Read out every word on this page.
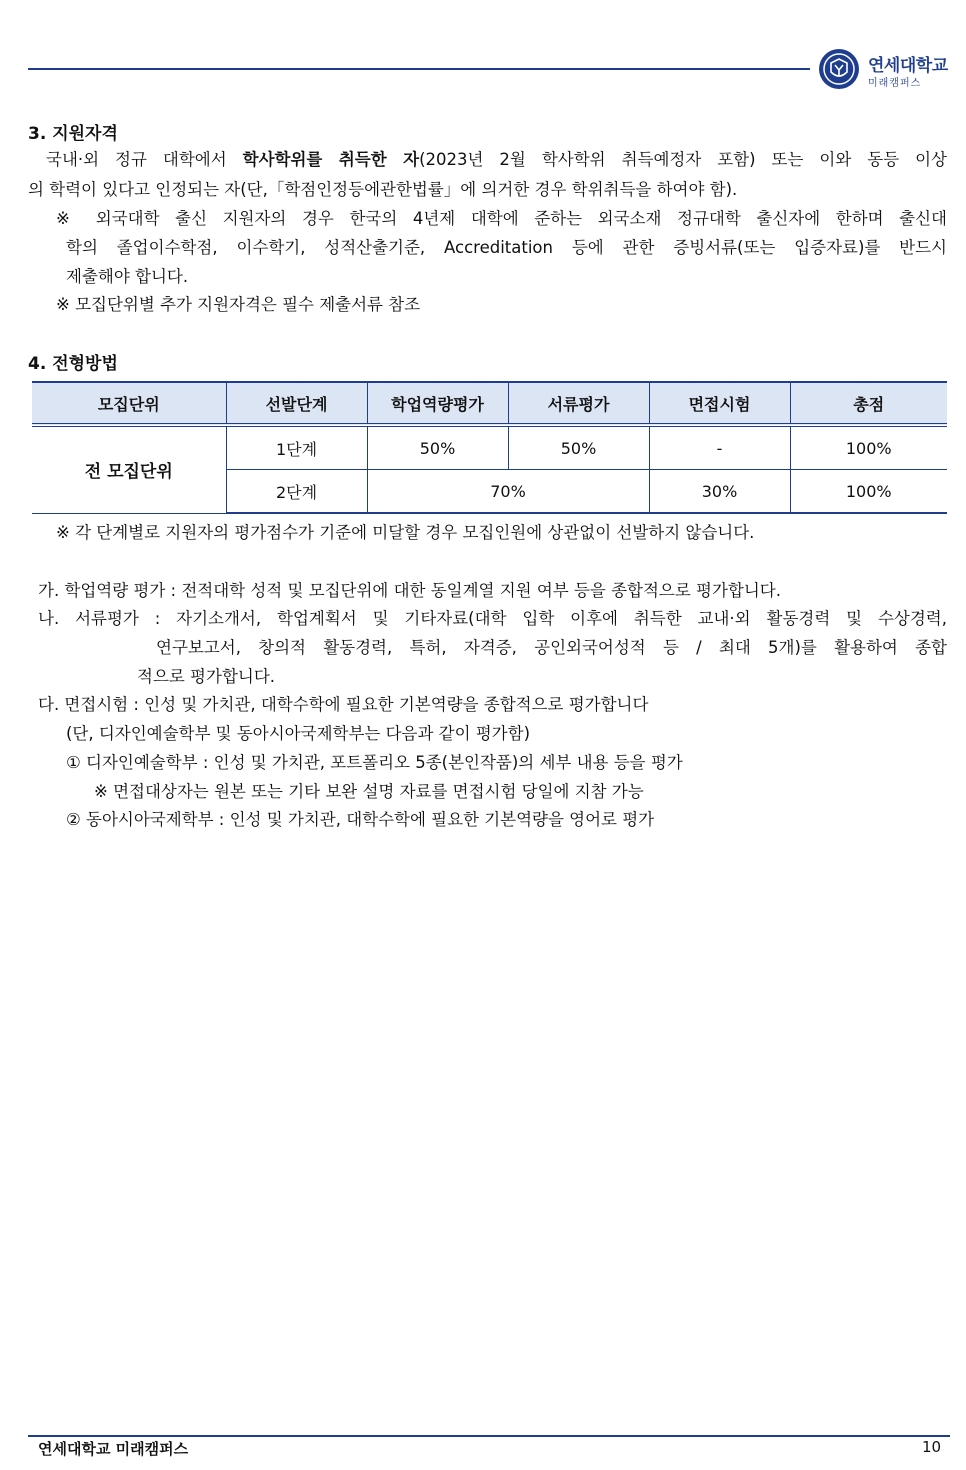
연세대학교
미래캠퍼스
3. 지원자격
국내·외 정규 대학에서 학사학위를 취득한 자(2023년 2월 학사학위 취득예정자 포함) 또는 이와 동등 이상
의 학력이 있다고 인정되는 자(단,「학점인정등에관한법률」에 의거한 경우 학위취득을 하여야 함).
※ 외국대학 출신 지원자의 경우 한국의 4년제 대학에 준하는 외국소재 정규대학 출신자에 한하며 출신대
학의 졸업이수학점, 이수학기, 성적산출기준, Accreditation 등에 관한 증빙서류(또는 입증자료)를 반드시
제출해야 합니다.
※ 모집단위별 추가 지원자격은 필수 제출서류 참조
4. 전형방법
모집단위	선발단계	학업역량평가	서류평가	면접시험	총점
전 모집단위	1단계	50%	50%	-	100%
	2단계	70%		30%	100%
※ 각 단계별로 지원자의 평가점수가 기준에 미달할 경우 모집인원에 상관없이 선발하지 않습니다.
가. 학업역량 평가 : 전적대학 성적 및 모집단위에 대한 동일계열 지원 여부 등을 종합적으로 평가합니다.
나. 서류평가 : 자기소개서, 학업계획서 및 기타자료(대학 입학 이후에 취득한 교내·외 활동경력 및 수상경력,
연구보고서, 창의적 활동경력, 특허, 자격증, 공인외국어성적 등 / 최대 5개)를 활용하여 종합
적으로 평가합니다.
다. 면접시험 : 인성 및 가치관, 대학수학에 필요한 기본역량을 종합적으로 평가합니다
(단, 디자인예술학부 및 동아시아국제학부는 다음과 같이 평가함)
① 디자인예술학부 : 인성 및 가치관, 포트폴리오 5종(본인작품)의 세부 내용 등을 평가
※ 면접대상자는 원본 또는 기타 보완 설명 자료를 면접시험 당일에 지참 가능
② 동아시아국제학부 : 인성 및 가치관, 대학수학에 필요한 기본역량을 영어로 평가
연세대학교 미래캠퍼스	10
